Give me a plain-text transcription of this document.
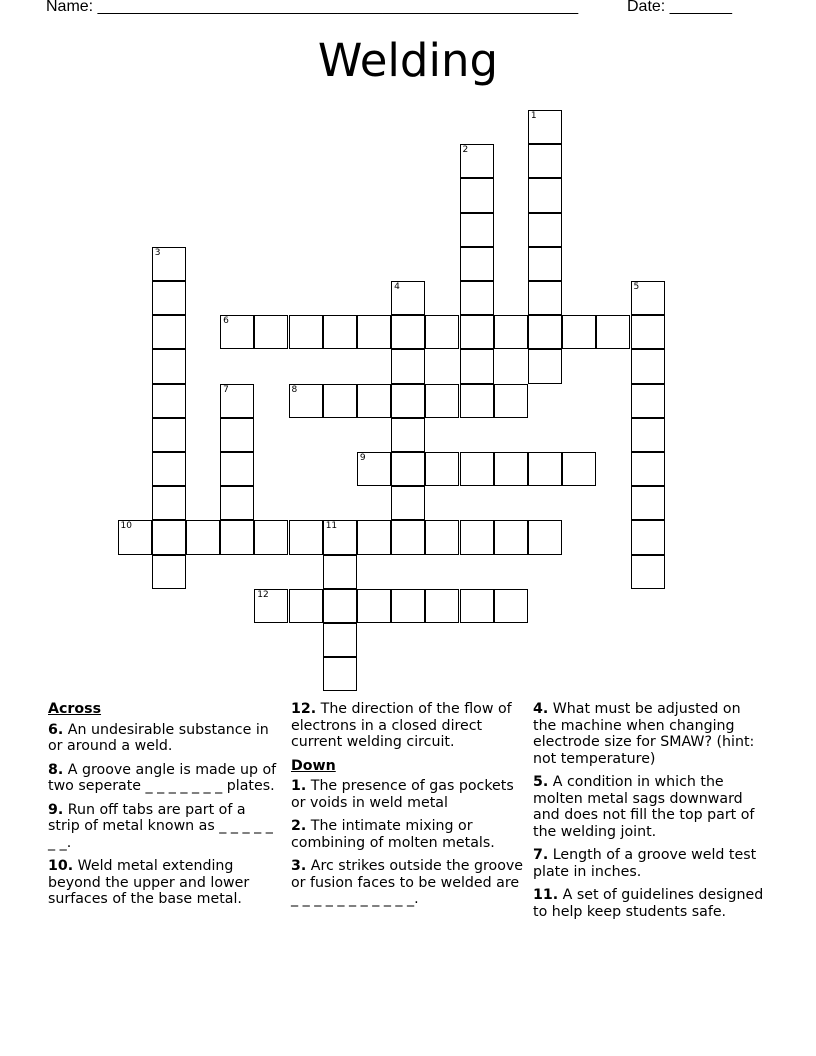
Name: ______________________________________________________	Date: _______
Welding
1
2
3
4	5
6
7	8
9
10	11
12
Across
6. An undesirable substance in or around a weld.
8. A groove angle is made up of two seperate _ _ _ _ _ _ _ plates.
9. Run off tabs are part of a strip of metal known as _ _ _ _ _ _ _.
10. Weld metal extending beyond the upper and lower surfaces of the base metal.
12. The direction of the flow of electrons in a closed direct current welding circuit.
Down
1. The presence of gas pockets or voids in weld metal
2. The intimate mixing or combining of molten metals.
3. Arc strikes outside the groove or fusion faces to be welded are _ _ _ _ _ _ _ _ _ _ _.
4. What must be adjusted on the machine when changing electrode size for SMAW? (hint: not temperature)
5. A condition in which the molten metal sags downward and does not fill the top part of the welding joint.
7. Length of a groove weld test plate in inches.
11. A set of guidelines designed to help keep students safe.
